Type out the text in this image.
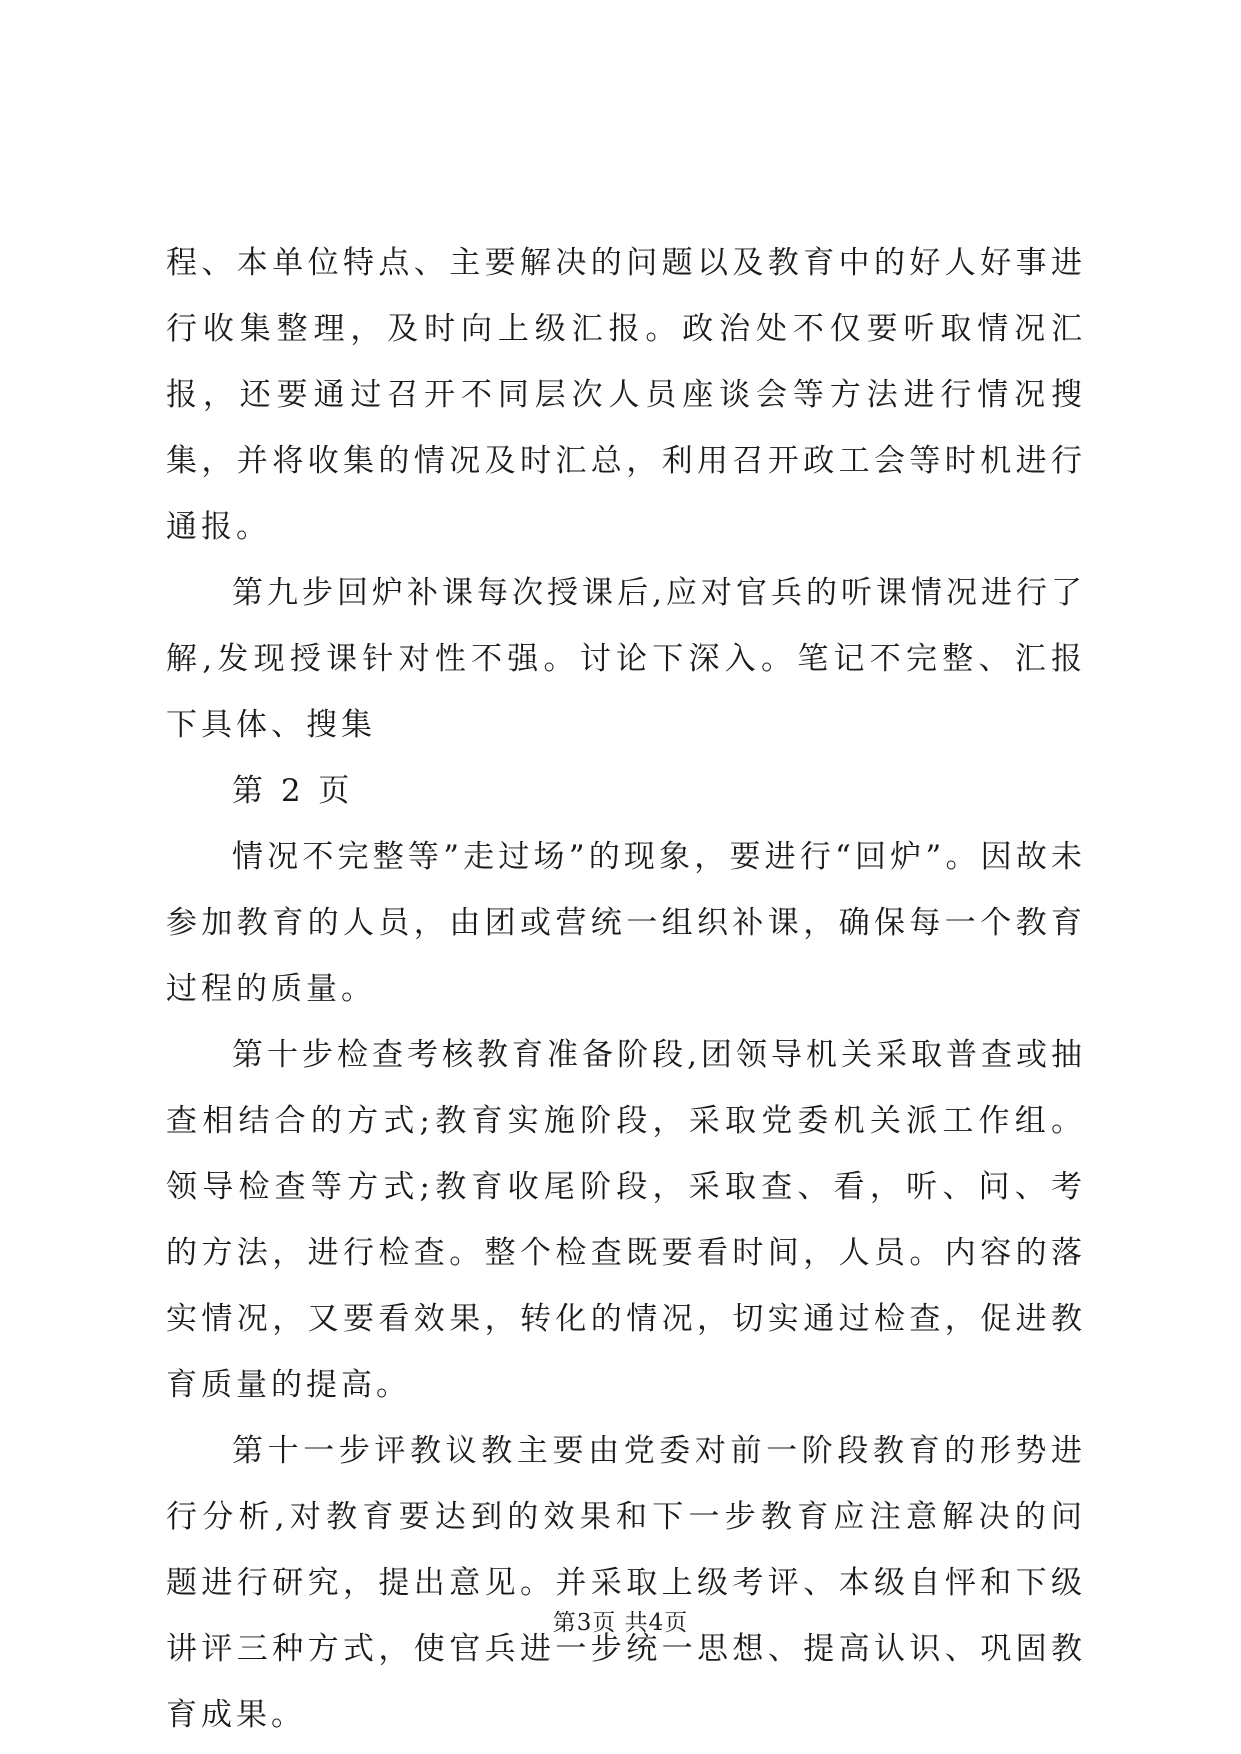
程、本单位特点、主要解决的问题以及教育中的好人好事进行收集整理，及时向上级汇报。政治处不仅要听取情况汇报，还要通过召开不同层次人员座谈会等方法进行情况搜集，并将收集的情况及时汇总，利用召开政工会等时机进行通报。

第九步回炉补课每次授课后,应对官兵的听课情况进行了解,发现授课针对性不强。讨论下深入。笔记不完整、汇报下具体、搜集

第 2 页

情况不完整等”走过场”的现象，要进行“回炉”。因故未参加教育的人员，由团或营统一组织补课，确保每一个教育过程的质量。

第十步检查考核教育准备阶段,团领导机关采取普查或抽查相结合的方式;教育实施阶段，采取党委机关派工作组。领导检查等方式;教育收尾阶段，采取查、看，听、问、考的方法，进行检查。整个检查既要看时间，人员。内容的落实情况，又要看效果，转化的情况，切实通过检查，促进教育质量的提高。

第十一步评教议教主要由党委对前一阶段教育的形势进行分析,对教育要达到的效果和下一步教育应注意解决的问题进行研究，提出意见。并采取上级考评、本级自怦和下级讲评三种方式，使官兵进一步统一思想、提高认识、巩固教育成果。

第3页 共4页
